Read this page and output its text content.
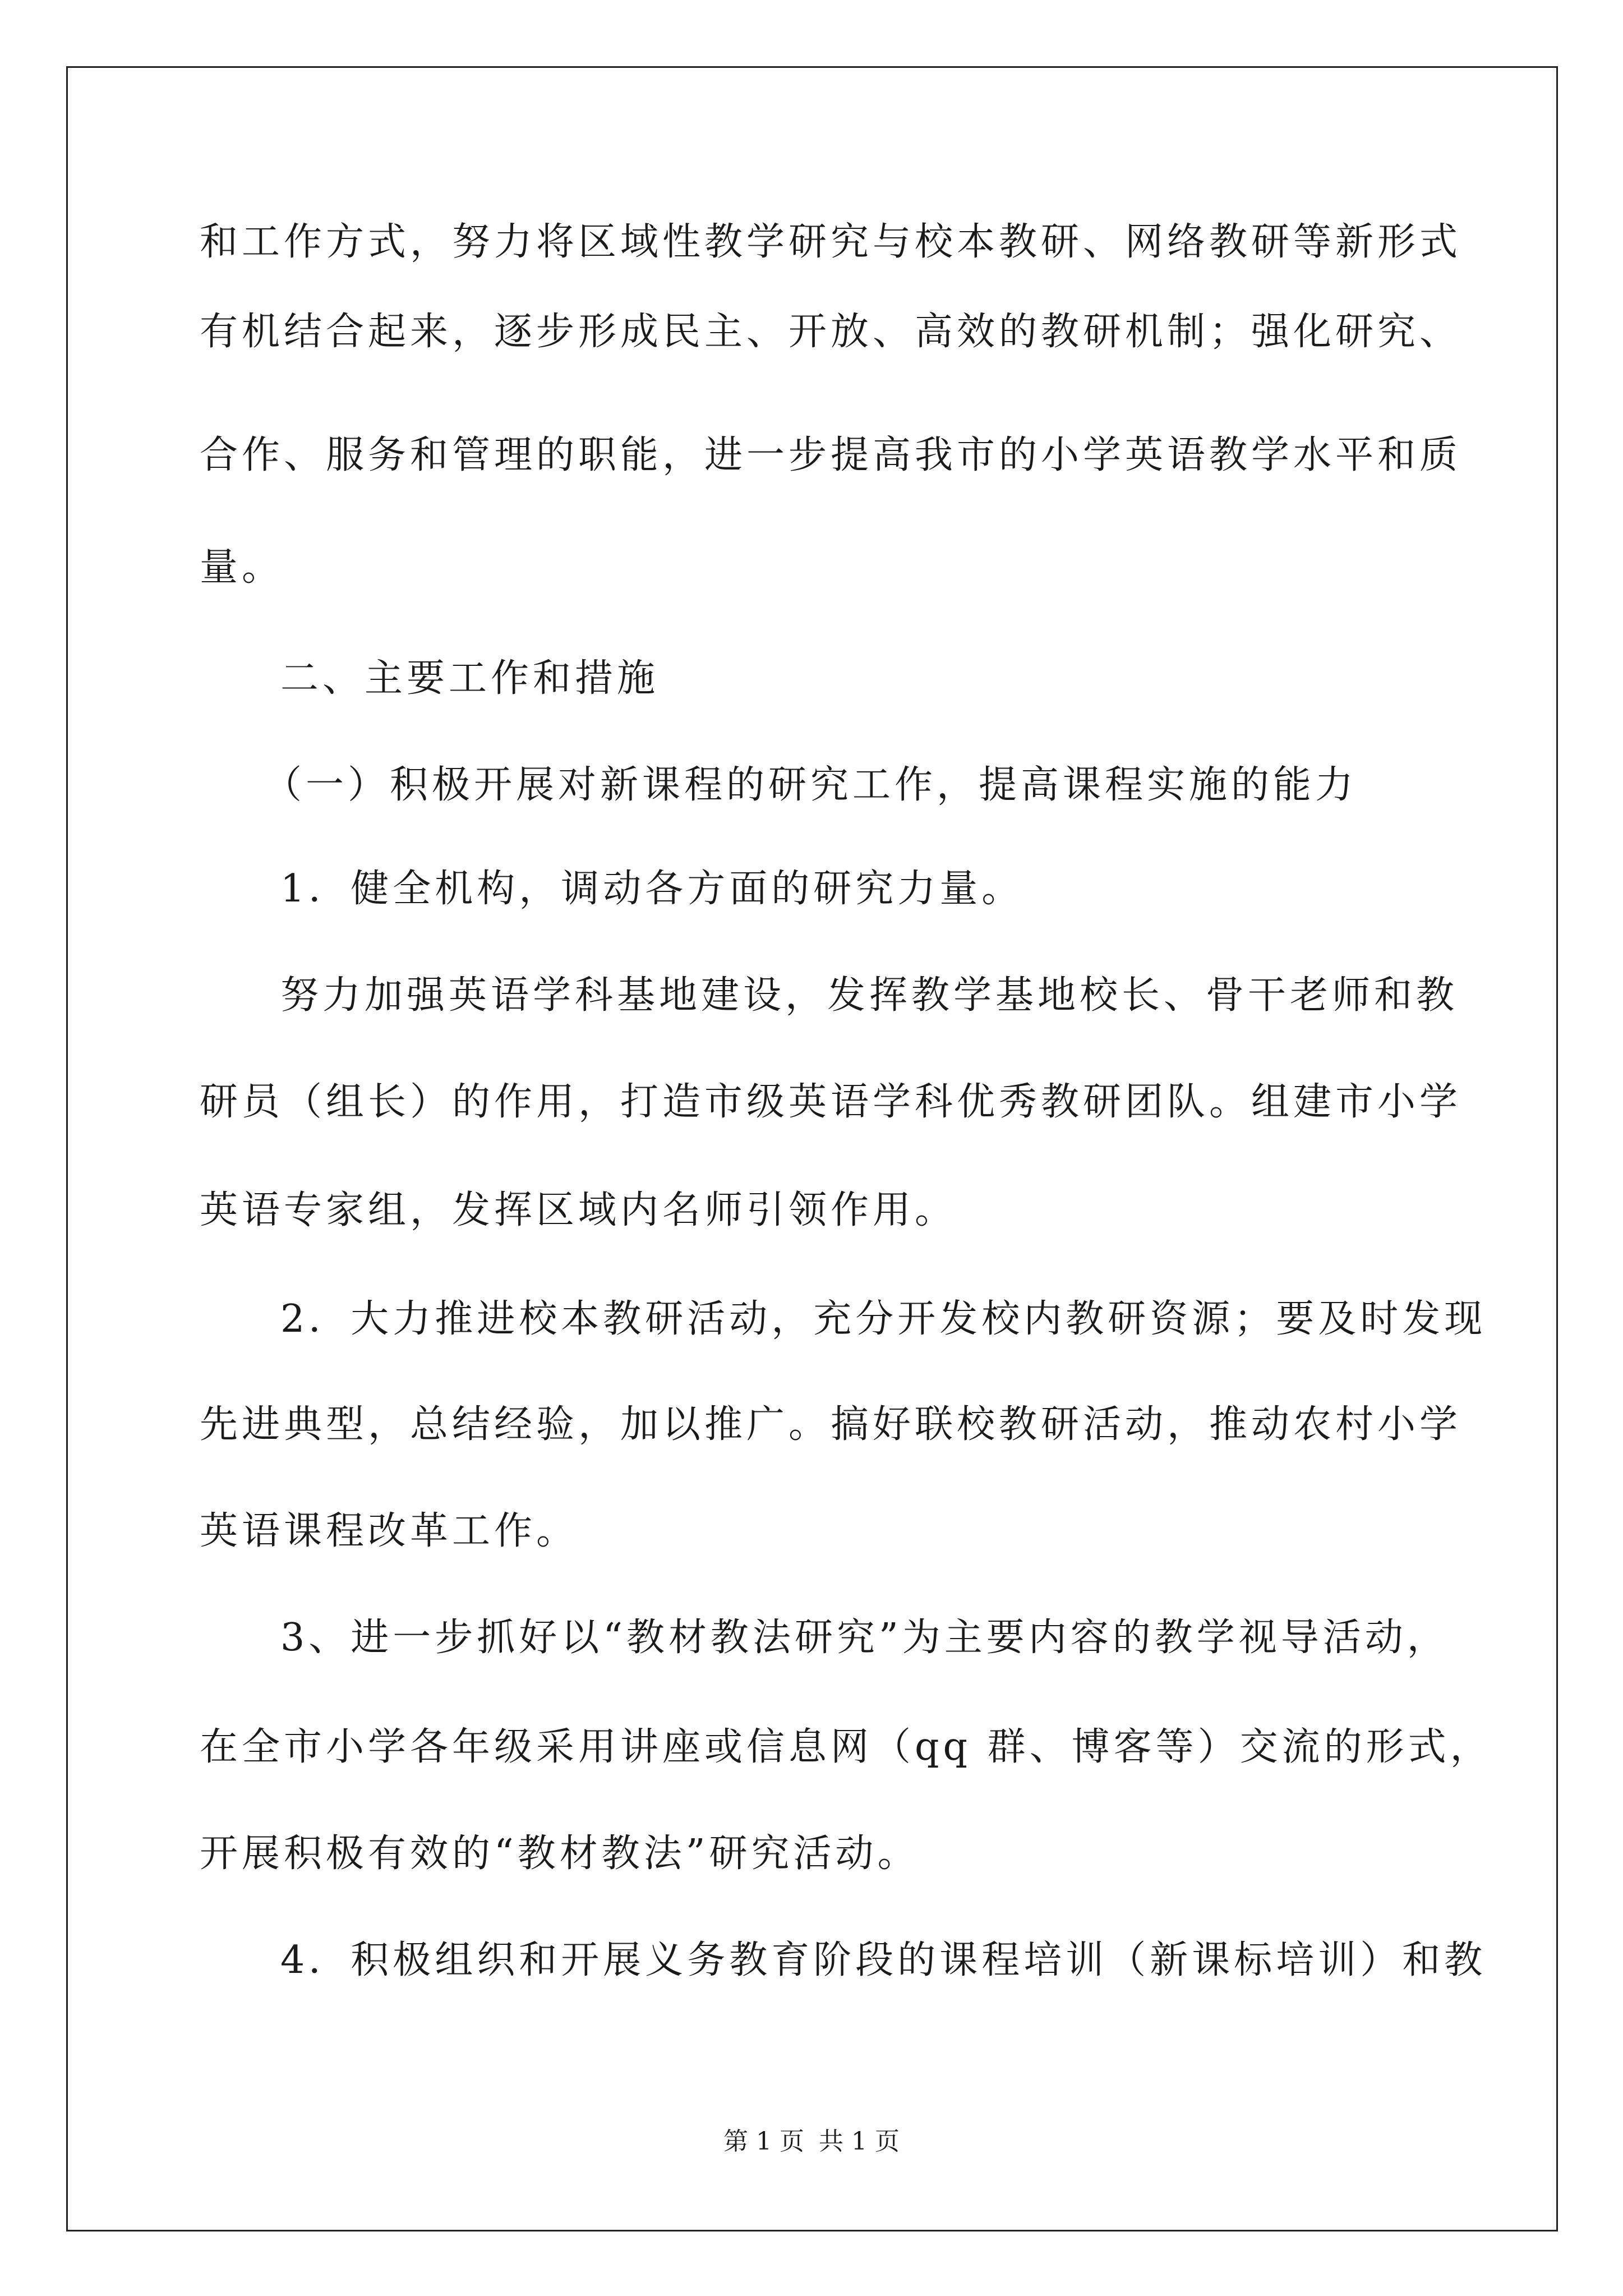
和工作方式，努力将区域性教学研究与校本教研、网络教研等新形式
有机结合起来，逐步形成民主、开放、高效的教研机制；强化研究、
合作、服务和管理的职能，进一步提高我市的小学英语教学水平和质
量。
二、主要工作和措施
（一）积极开展对新课程的研究工作，提高课程实施的能力
1．健全机构，调动各方面的研究力量。
努力加强英语学科基地建设，发挥教学基地校长、骨干老师和教
研员（组长）的作用，打造市级英语学科优秀教研团队。组建市小学
英语专家组，发挥区域内名师引领作用。
2．大力推进校本教研活动，充分开发校内教研资源；要及时发现
先进典型，总结经验，加以推广。搞好联校教研活动，推动农村小学
英语课程改革工作。
3、进一步抓好以“教材教法研究”为主要内容的教学视导活动，
在全市小学各年级采用讲座或信息网（qq 群、博客等）交流的形式，
开展积极有效的“教材教法”研究活动。
4．积极组织和开展义务教育阶段的课程培训（新课标培训）和教
第 1 页 共 1 页
